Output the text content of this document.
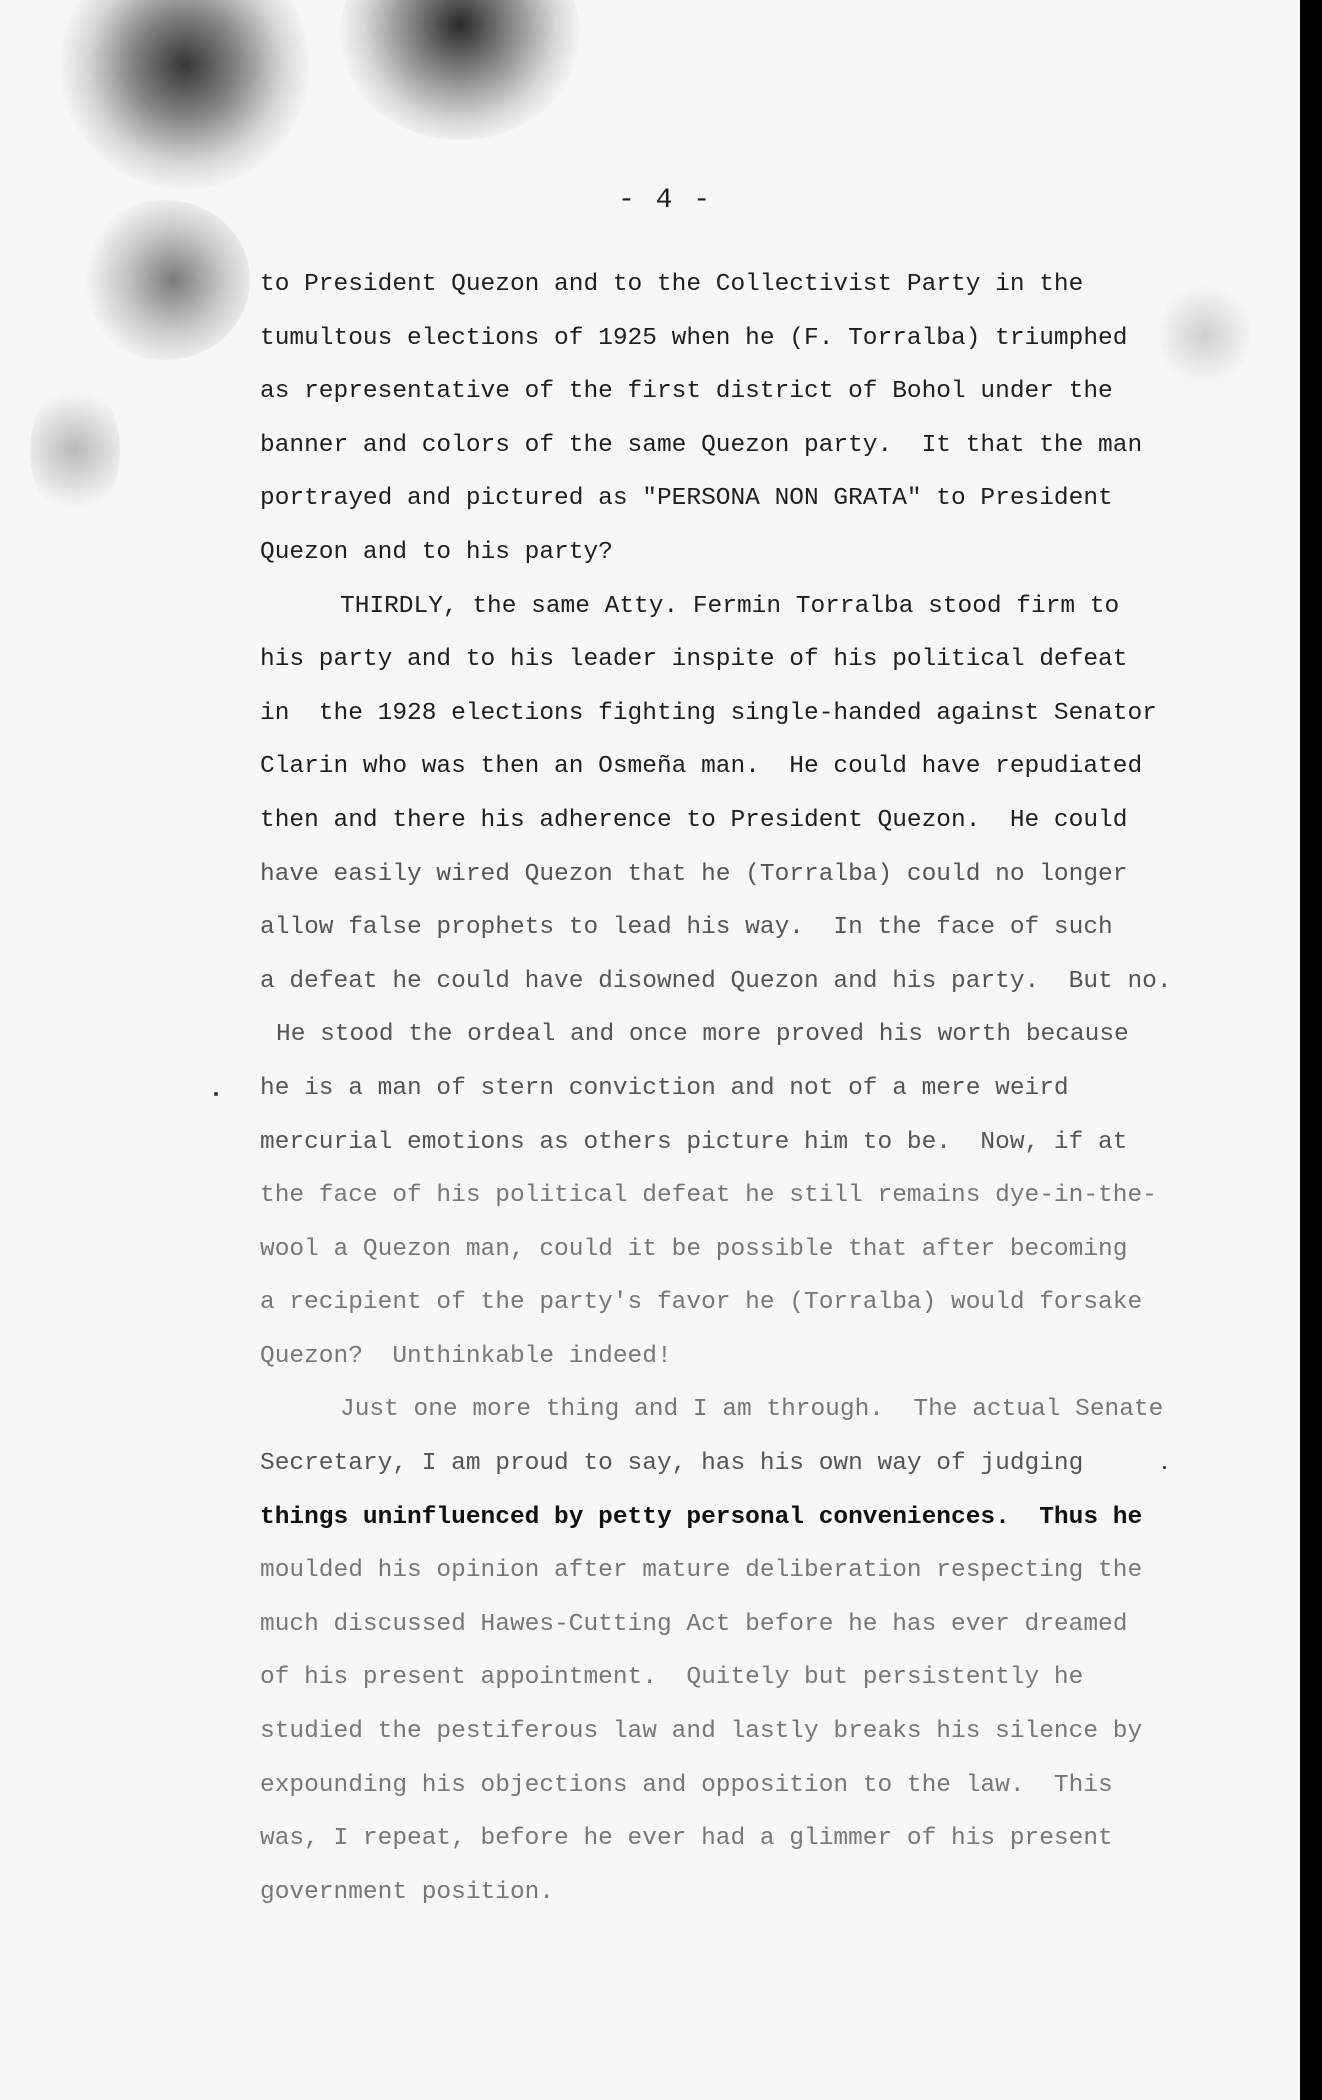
- 4 -

to President Quezon and to the Collectivist Party in the
tumultous elections of 1925 when he (F. Torralba) triumphed
as representative of the first district of Bohol under the
banner and colors of the same Quezon party.  It that the man
portrayed and pictured as "PERSONA NON GRATA" to President
Quezon and to his party?
THIRDLY, the same Atty. Fermin Torralba stood firm to
his party and to his leader inspite of his political defeat
in  the 1928 elections fighting single-handed against Senator
Clarin who was then an Osmeña man.  He could have repudiated
then and there his adherence to President Quezon.  He could
have easily wired Quezon that he (Torralba) could no longer
allow false prophets to lead his way.  In the face of such
a defeat he could have disowned Quezon and his party.  But no.
He stood the ordeal and once more proved his worth because
he is a man of stern conviction and not of a mere weird
mercurial emotions as others picture him to be.  Now, if at
the face of his political defeat he still remains dye-in-the-
wool a Quezon man, could it be possible that after becoming
a recipient of the party's favor he (Torralba) would forsake
Quezon?  Unthinkable indeed!
Just one more thing and I am through.  The actual Senate
Secretary, I am proud to say, has his own way of judging
things uninfluenced by petty personal conveniences.  Thus he
moulded his opinion after mature deliberation respecting the
much discussed Hawes-Cutting Act before he has ever dreamed
of his present appointment.  Quitely but persistently he
studied the pestiferous law and lastly breaks his silence by
expounding his objections and opposition to the law.  This
was, I repeat, before he ever had a glimmer of his present
government position.
